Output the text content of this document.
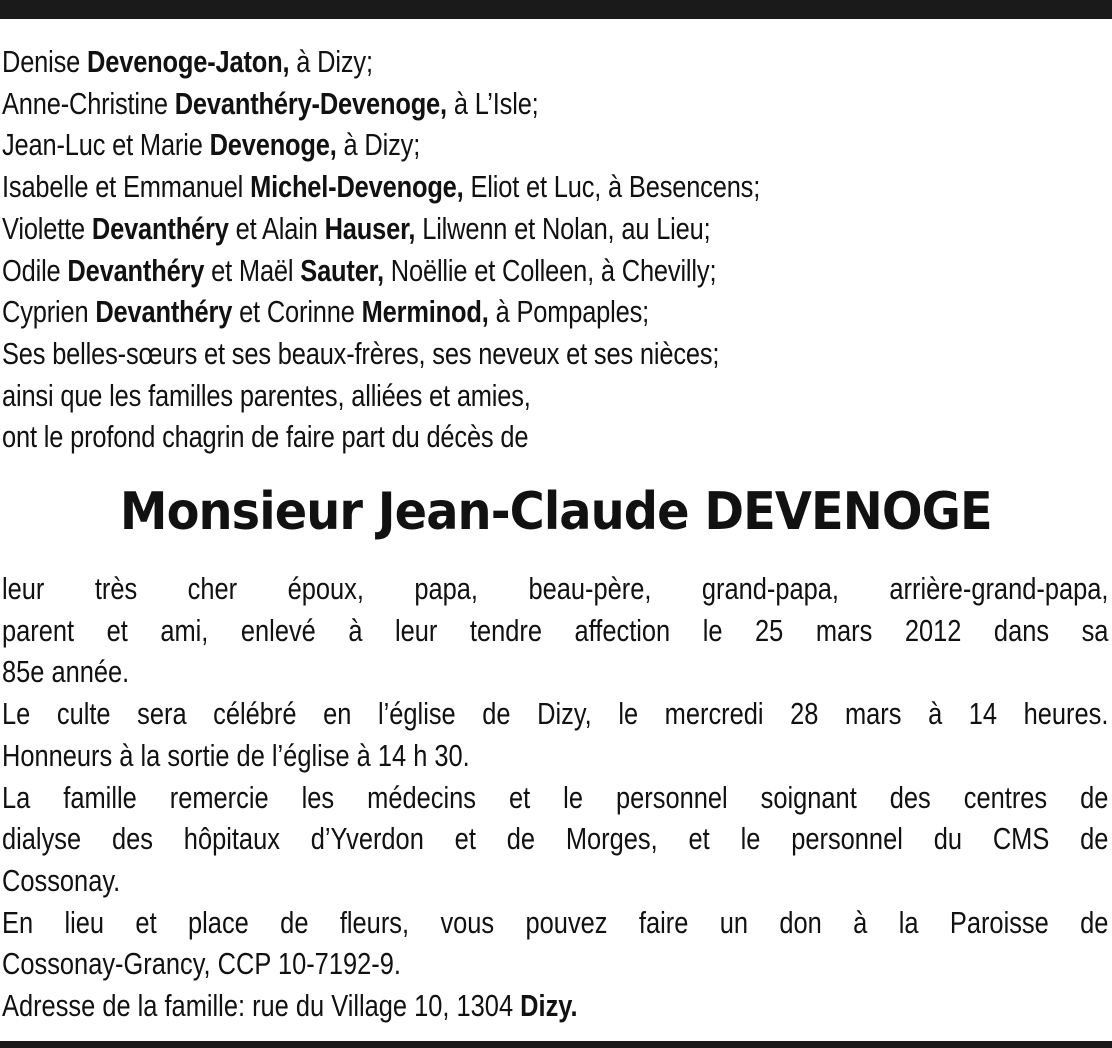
Denise Devenoge-Jaton, à Dizy;
Anne-Christine Devanthéry-Devenoge, à L’Isle;
Jean-Luc et Marie Devenoge, à Dizy;
Isabelle et Emmanuel Michel-Devenoge, Eliot et Luc, à Besencens;
Violette Devanthéry et Alain Hauser, Lilwenn et Nolan, au Lieu;
Odile Devanthéry et Maël Sauter, Noëllie et Colleen, à Chevilly;
Cyprien Devanthéry et Corinne Merminod, à Pompaples;
Ses belles-sœurs et ses beaux-frères, ses neveux et ses nièces;
ainsi que les familles parentes, alliées et amies,
ont le profond chagrin de faire part du décès de
Monsieur Jean-Claude DEVENOGE
leur très cher époux, papa, beau-père, grand-papa, arrière-grand-papa,
parent et ami, enlevé à leur tendre affection le 25 mars 2012 dans sa
85e année.
Le culte sera célébré en l’église de Dizy, le mercredi 28 mars à 14 heures.
Honneurs à la sortie de l’église à 14 h 30.
La famille remercie les médecins et le personnel soignant des centres de
dialyse des hôpitaux d’Yverdon et de Morges, et le personnel du CMS de
Cossonay.
En lieu et place de fleurs, vous pouvez faire un don à la Paroisse de
Cossonay-Grancy, CCP 10-7192-9.
Adresse de la famille: rue du Village 10, 1304 Dizy.
